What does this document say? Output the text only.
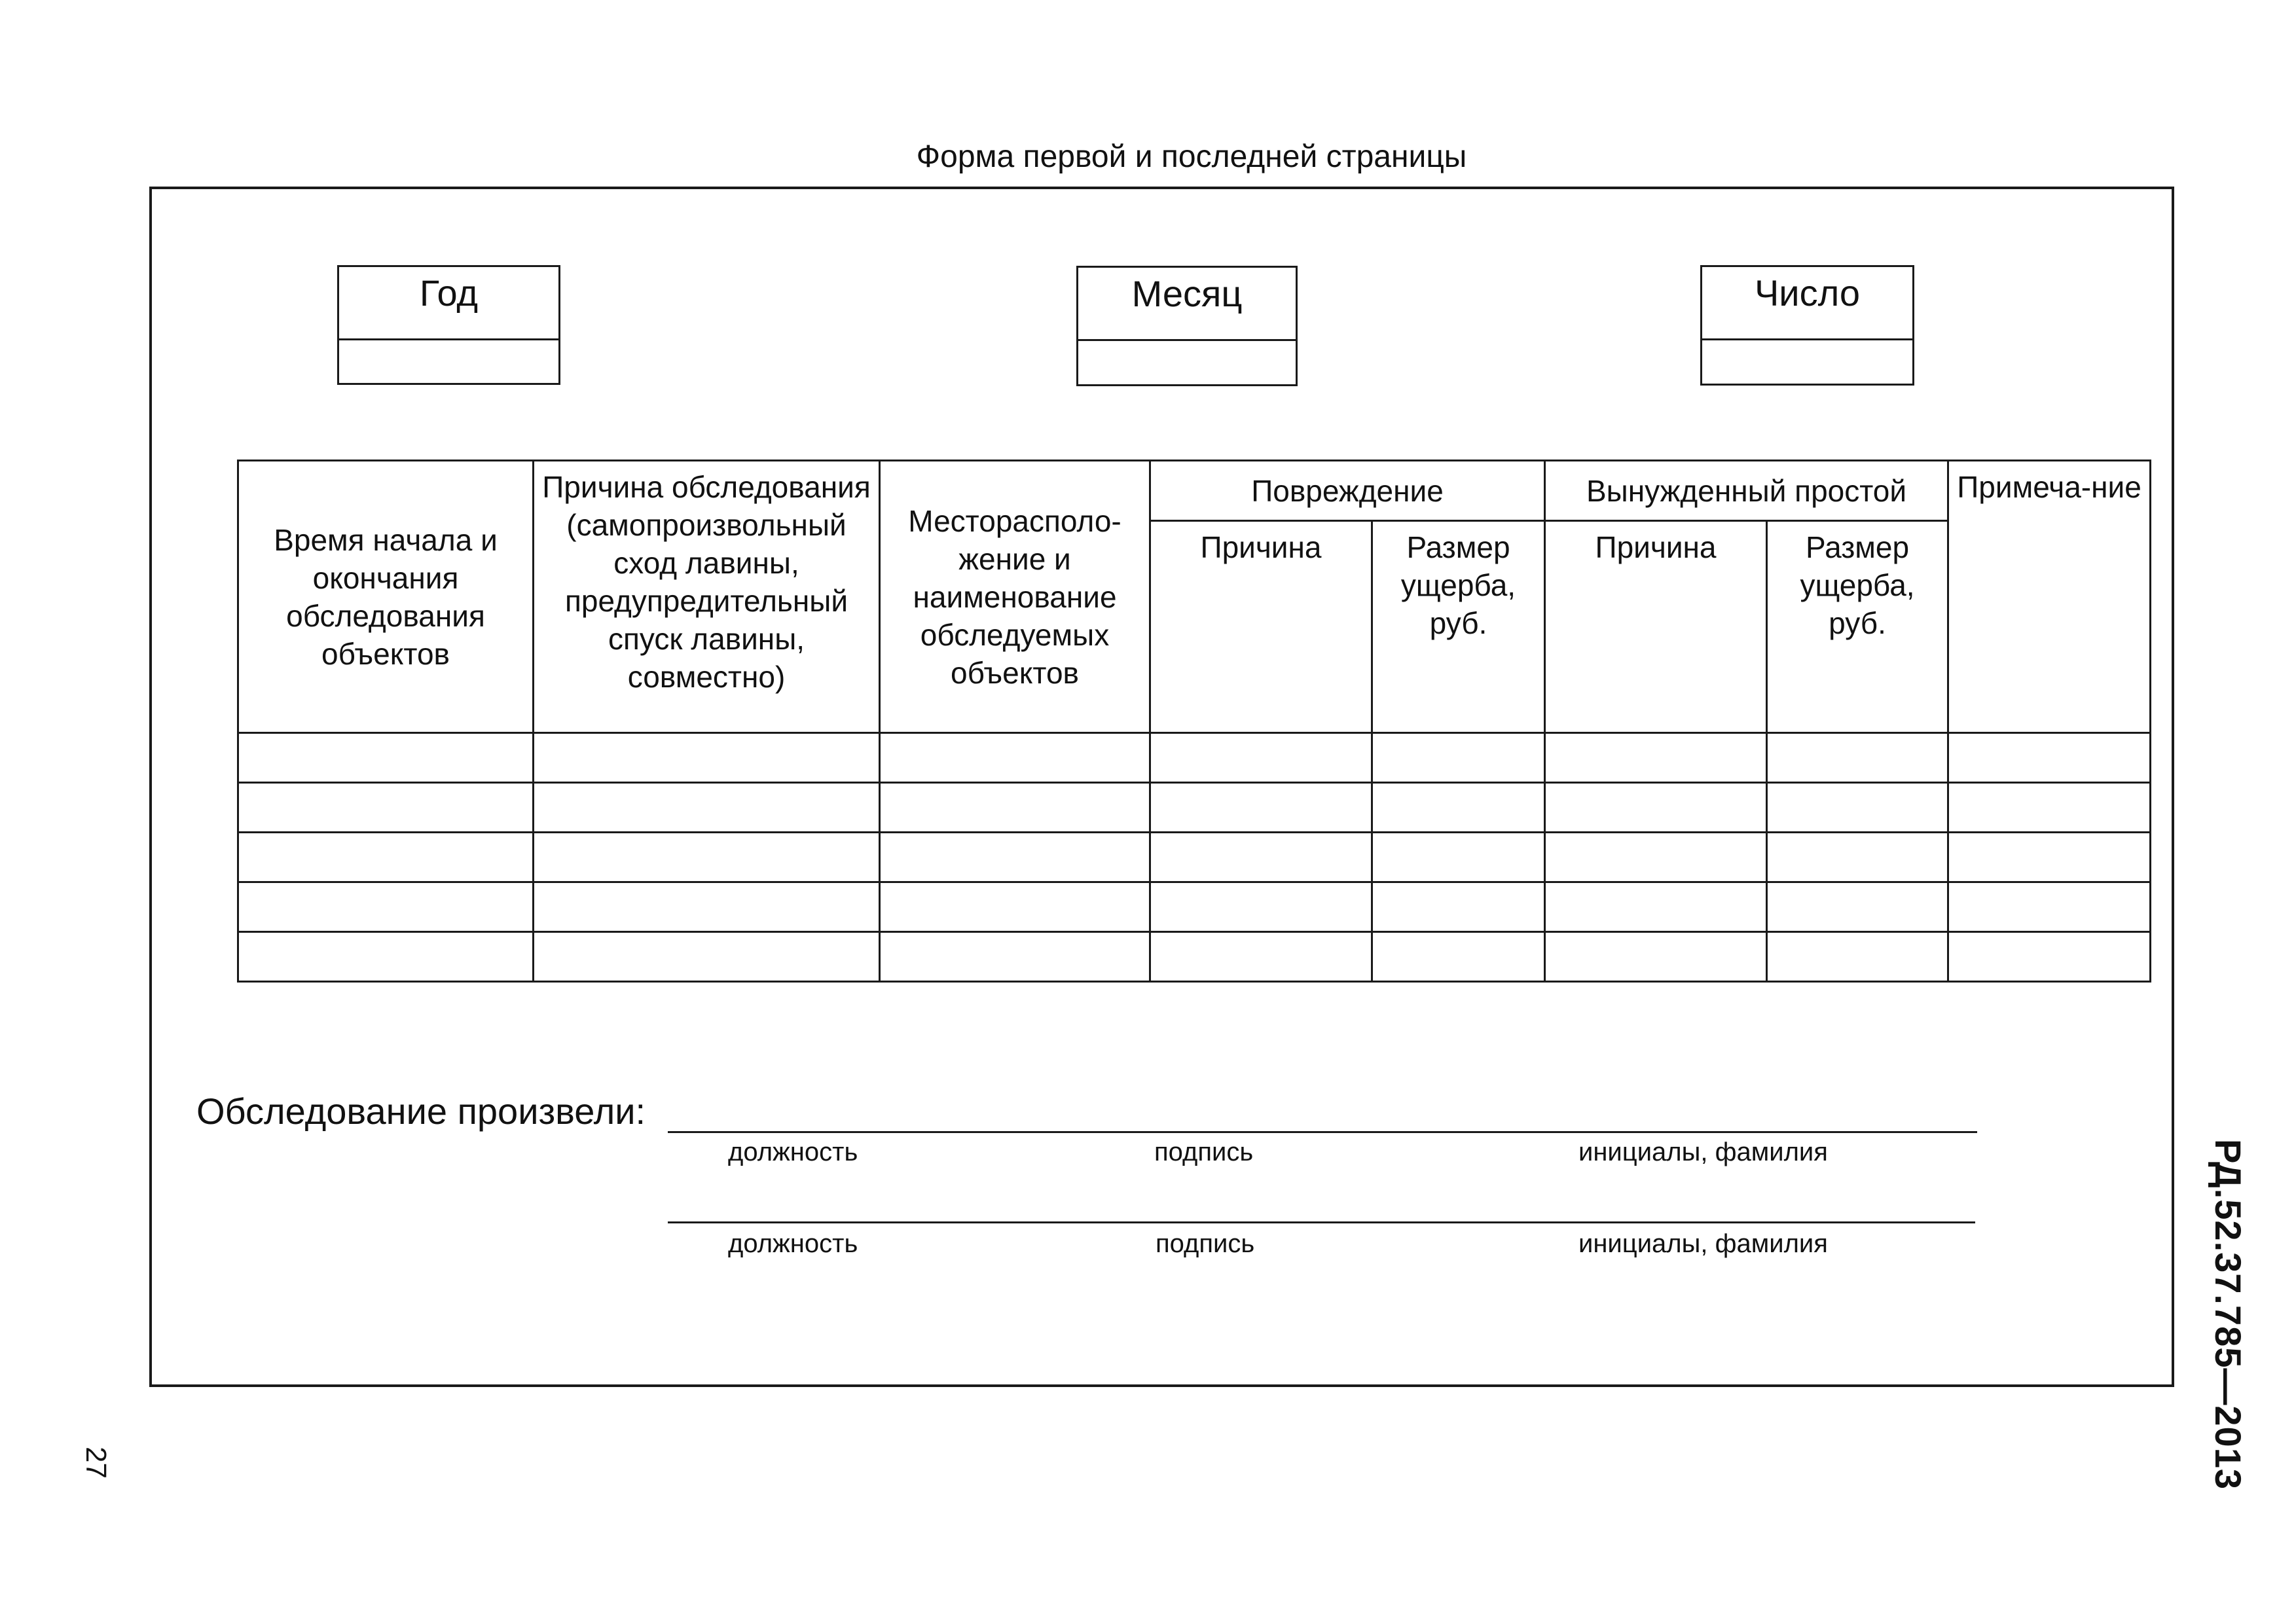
Форма первой и последней страницы
Год	Месяц	Число
Время начала и окончания обследования объектов	Причина обследования (самопроизвольный сход лавины, предупредительный спуск лавины, совместно)	Месторасполо-жение и наименование обследуемых объектов	Повреждение		Вынужденный простой		Примеча-ние
			Причина	Размер ущерба, руб.	Причина	Размер ущерба, руб.	

Обследование произвели:
должность	подпись	инициалы, фамилия
должность	подпись	инициалы, фамилия	РД.52.37.785—2013
27
